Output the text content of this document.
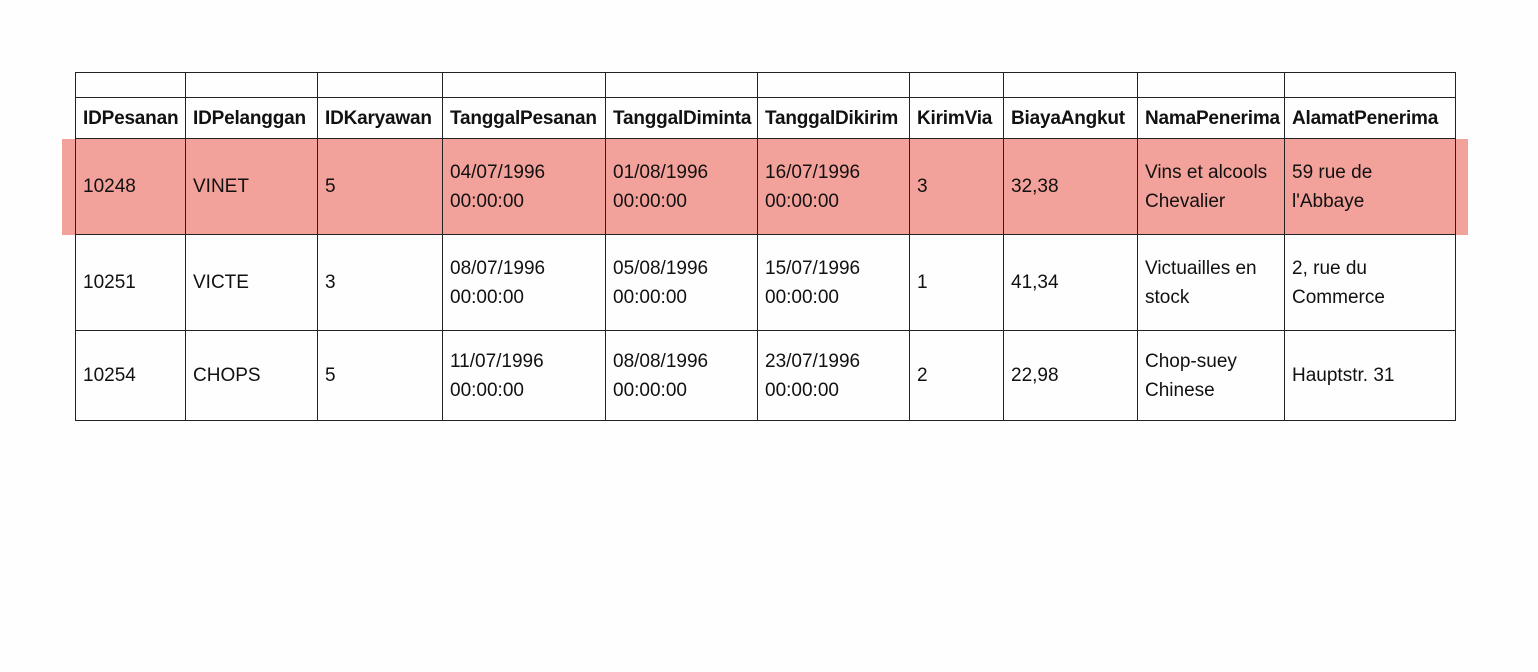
IDPesanan	IDPelanggan	IDKaryawan	TanggalPesanan	TanggalDiminta	TanggalDikirim	KirimVia	BiayaAngkut	NamaPenerima	AlamatPenerima
10248	VINET	5	04/07/1996 00:00:00	01/08/1996 00:00:00	16/07/1996 00:00:00	3	32,38	Vins et alcools Chevalier	59 rue de l'Abbaye
10251	VICTE	3	08/07/1996 00:00:00	05/08/1996 00:00:00	15/07/1996 00:00:00	1	41,34	Victuailles en stock	2, rue du Commerce
10254	CHOPS	5	11/07/1996 00:00:00	08/08/1996 00:00:00	23/07/1996 00:00:00	2	22,98	Chop-suey Chinese	Hauptstr. 31
